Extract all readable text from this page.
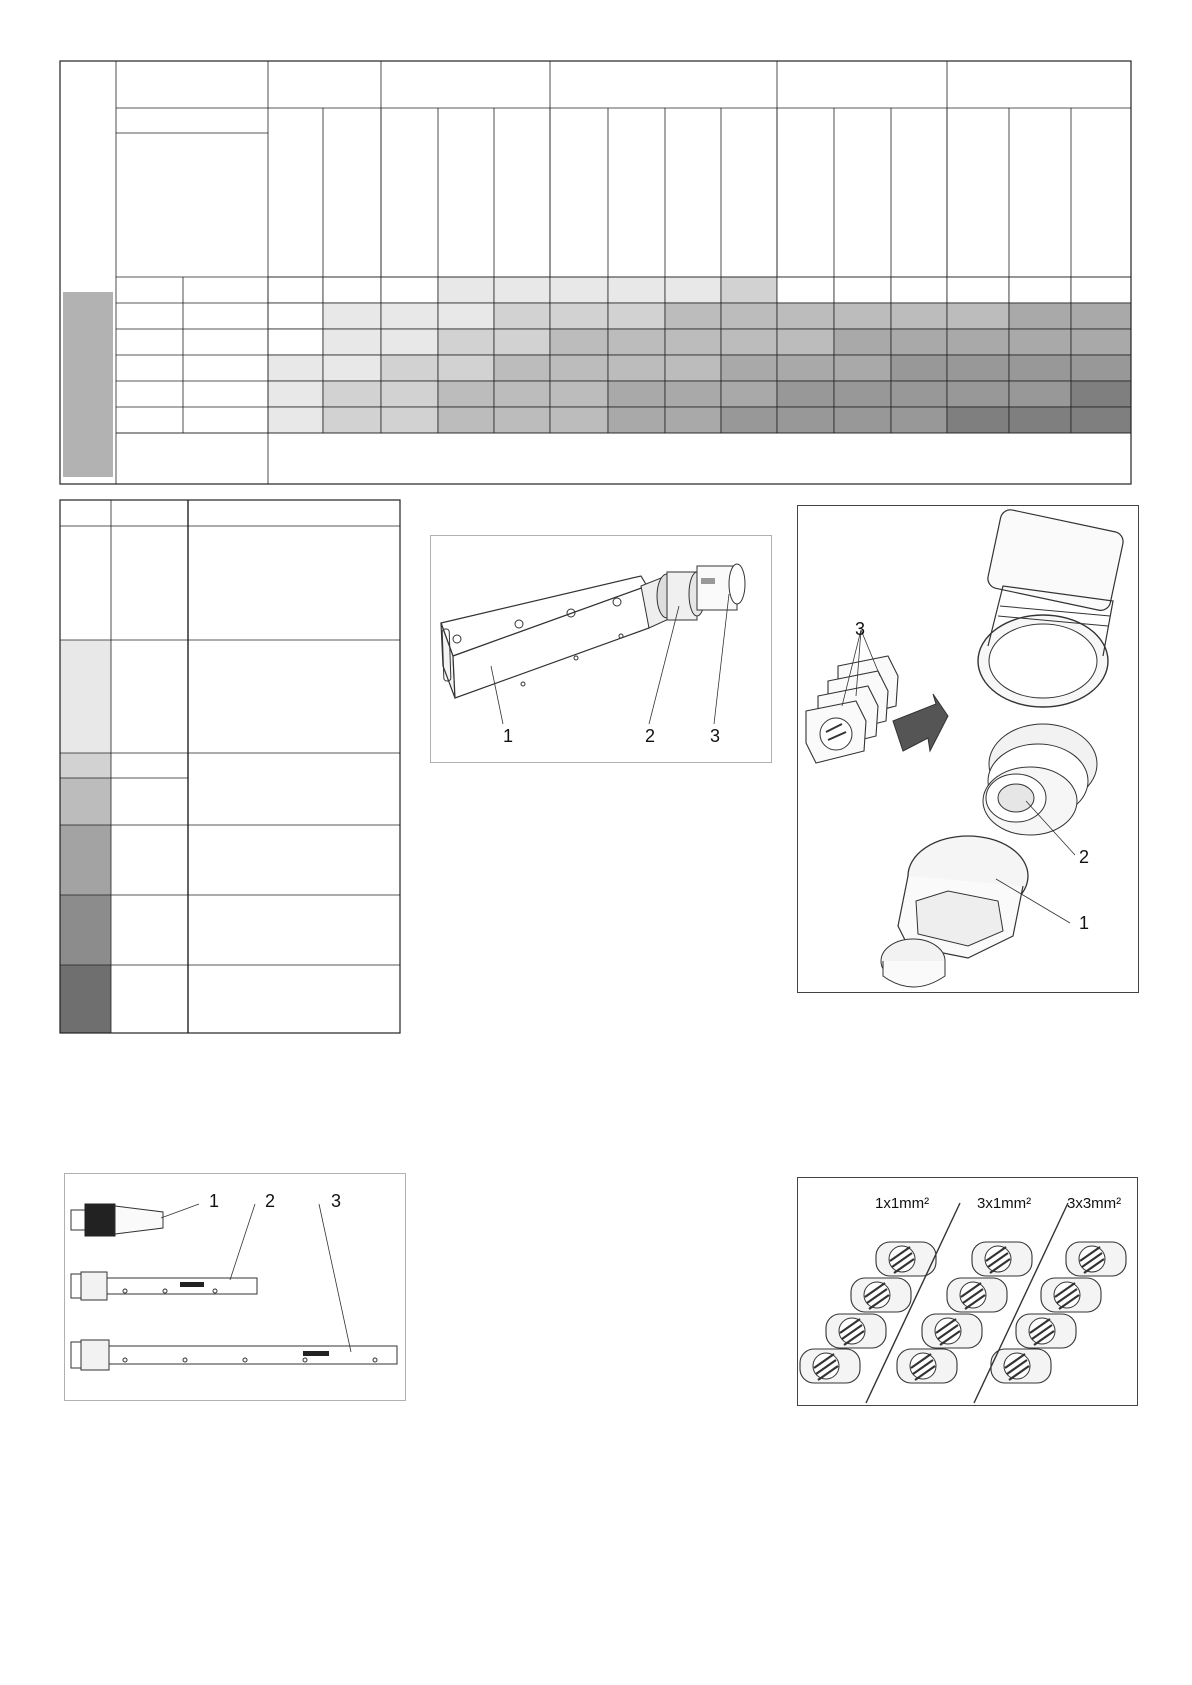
1	2	3
3
2
1
1	2	3	1x1mm²	3x1mm² 3x3mm²
